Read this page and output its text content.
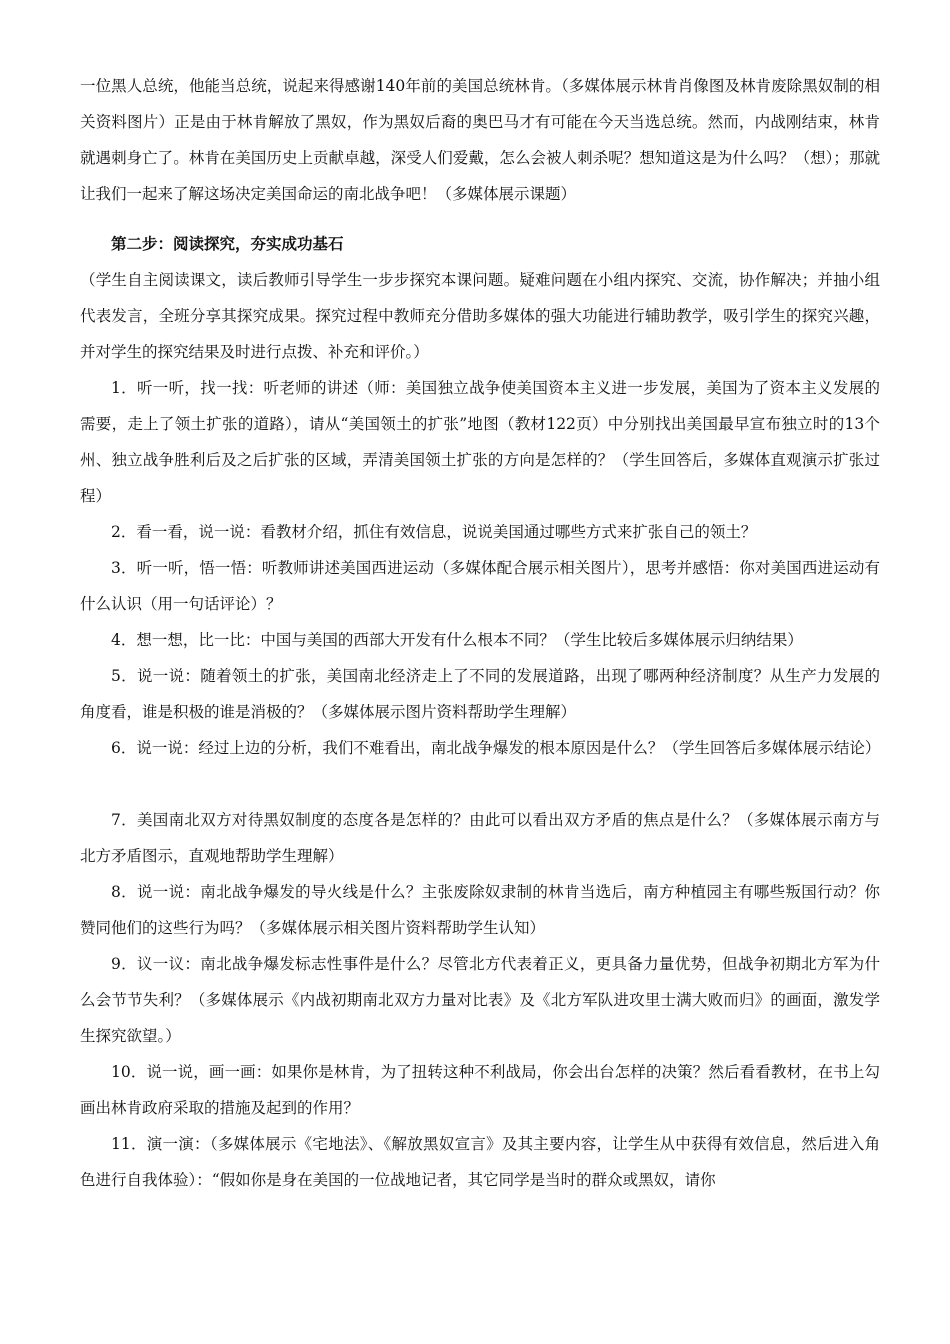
一位黑人总统，他能当总统，说起来得感谢140年前的美国总统林肯。（多媒体展示林肯肖像图及林肯废除黑奴制的相关资料图片）正是由于林肯解放了黑奴，作为黑奴后裔的奥巴马才有可能在今天当选总统。然而，内战刚结束，林肯就遇刺身亡了。林肯在美国历史上贡献卓越，深受人们爱戴，怎么会被人刺杀呢？想知道这是为什么吗？（想）；那就让我们一起来了解这场决定美国命运的南北战争吧！（多媒体展示课题）
第二步：阅读探究，夯实成功基石
（学生自主阅读课文，读后教师引导学生一步步探究本课问题。疑难问题在小组内探究、交流，协作解决；并抽小组代表发言，全班分享其探究成果。探究过程中教师充分借助多媒体的强大功能进行辅助教学，吸引学生的探究兴趣，并对学生的探究结果及时进行点拨、补充和评价。）
1．听一听，找一找：听老师的讲述（师：美国独立战争使美国资本主义进一步发展，美国为了资本主义发展的需要，走上了领土扩张的道路），请从“美国领土的扩张”地图（教材122页）中分别找出美国最早宣布独立时的13个州、独立战争胜利后及之后扩张的区域，弄清美国领土扩张的方向是怎样的？（学生回答后，多媒体直观演示扩张过程）
2．看一看，说一说：看教材介绍，抓住有效信息，说说美国通过哪些方式来扩张自己的领土？
3．听一听，悟一悟：听教师讲述美国西进运动（多媒体配合展示相关图片），思考并感悟：你对美国西进运动有什么认识（用一句话评论）？
4．想一想，比一比：中国与美国的西部大开发有什么根本不同？（学生比较后多媒体展示归纳结果）
5．说一说：随着领土的扩张，美国南北经济走上了不同的发展道路，出现了哪两种经济制度？从生产力发展的角度看，谁是积极的谁是消极的？（多媒体展示图片资料帮助学生理解）
6．说一说：经过上边的分析，我们不难看出，南北战争爆发的根本原因是什么？（学生回答后多媒体展示结论）
7．美国南北双方对待黑奴制度的态度各是怎样的？由此可以看出双方矛盾的焦点是什么？（多媒体展示南方与北方矛盾图示，直观地帮助学生理解）
8．说一说：南北战争爆发的导火线是什么？主张废除奴隶制的林肯当选后，南方种植园主有哪些叛国行动？你赞同他们的这些行为吗？（多媒体展示相关图片资料帮助学生认知）
9．议一议：南北战争爆发标志性事件是什么？尽管北方代表着正义，更具备力量优势，但战争初期北方军为什么会节节失利？（多媒体展示《内战初期南北双方力量对比表》及《北方军队进攻里士满大败而归》的画面，激发学生探究欲望。）
10．说一说，画一画：如果你是林肯，为了扭转这种不利战局，你会出台怎样的决策？然后看看教材，在书上勾画出林肯政府采取的措施及起到的作用？
11．演一演：（多媒体展示《宅地法》、《解放黑奴宣言》及其主要内容，让学生从中获得有效信息，然后进入角色进行自我体验）：“假如你是身在美国的一位战地记者，其它同学是当时的群众或黑奴，请你
